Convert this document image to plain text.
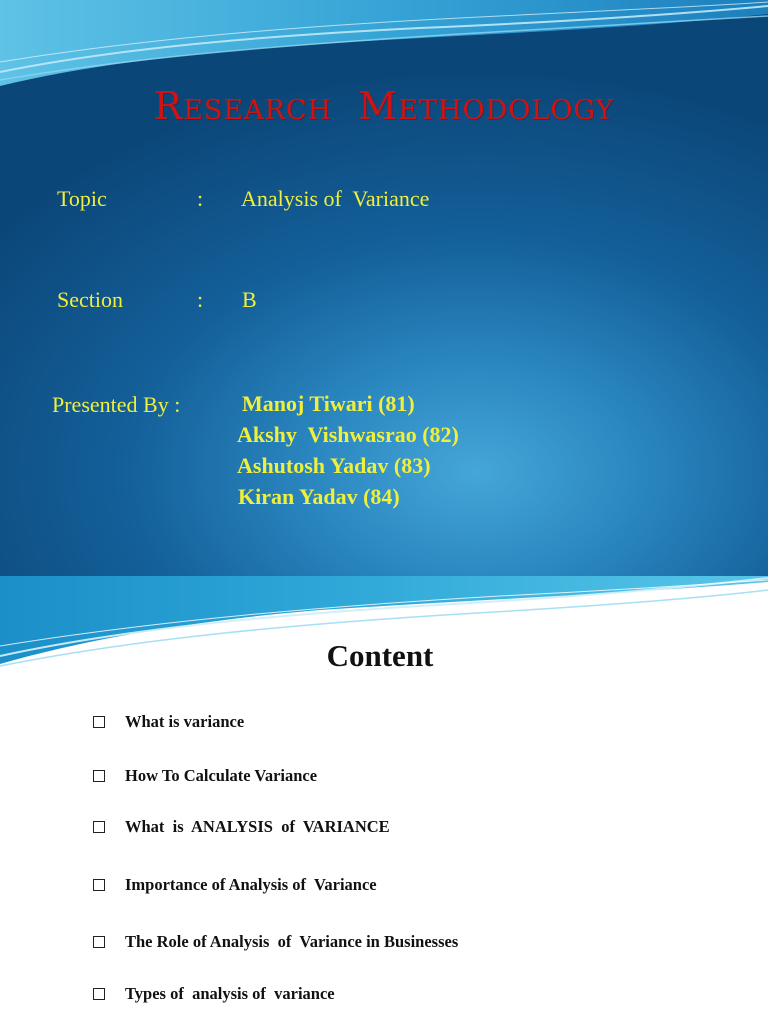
Research  Methodology
Topic	: Analysis of  Variance
Section	: B
Presented By :	Manoj Tiwari (81)
Akshy  Vishwasrao (82)
Ashutosh Yadav (83)
Kiran Yadav (84)
Content
What is variance
How To Calculate Variance
What  is  ANALYSIS  of  VARIANCE
Importance of Analysis of  Variance
The Role of Analysis  of  Variance in Businesses
Types of  analysis of  variance
